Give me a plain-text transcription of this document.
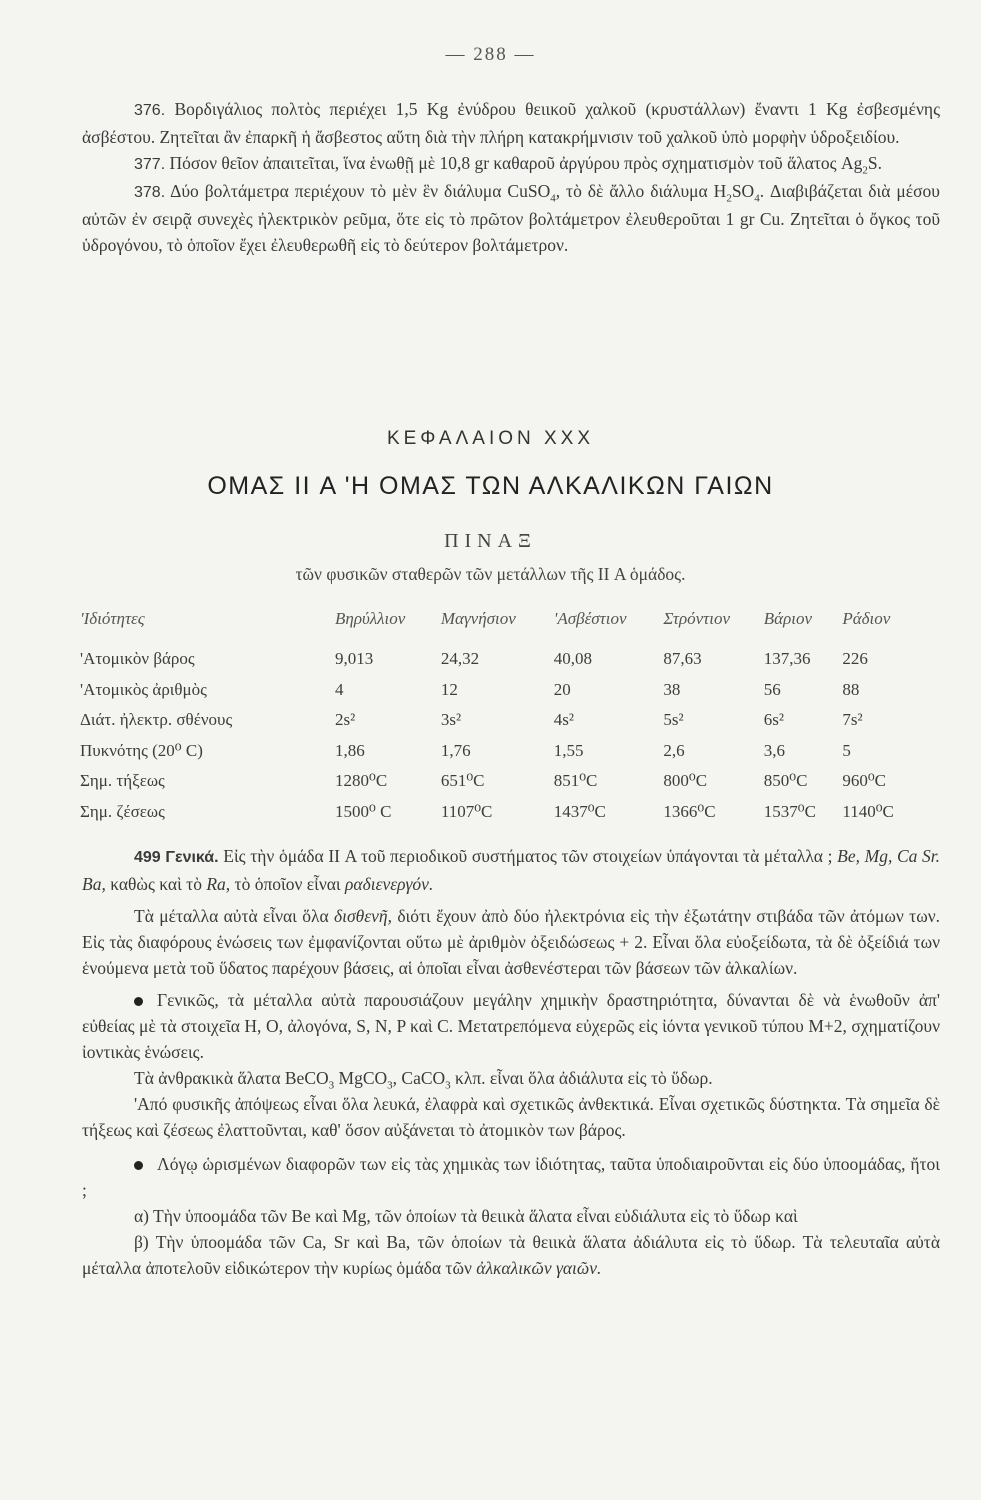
— 288 —

376. Βορδιγάλιος πολτὸς περιέχει 1,5 Kg ἐνύδρου θειικοῦ χαλκοῦ (κρυστάλλων) ἔναντι 1 Kg ἐσβεσμένης ἀσβέστου. Ζητεῖται ἂν ἐπαρκῆ ἡ ἄσβεστος αὕτη διὰ τὴν πλήρη κατακρήμνισιν τοῦ χαλκοῦ ὑπὸ μορφὴν ὑδροξειδίου.

377. Πόσον θεῖον ἀπαιτεῖται, ἵνα ἑνωθῇ μὲ 10,8 gr καθαροῦ ἀργύρου πρὸς σχηματισμὸν τοῦ ἅλατος $Ag_2S$.

378. Δύο βολτάμετρα περιέχουν τὸ μὲν ἓν διάλυμα CuSO$_4$, τὸ δὲ ἄλλο διάλυμα $H_2SO_4$. Διαβιβάζεται διὰ μέσου αὐτῶν ἐν σειρᾷ συνεχὲς ἠλεκτρικὸν ρεῦμα, ὅτε εἰς τὸ πρῶτον βολτάμετρον ἐλευθεροῦται 1 gr Cu. Ζητεῖται ὁ ὄγκος τοῦ ὑδρογόνου, τὸ ὁποῖον ἔχει ἐλευθερωθῆ εἰς τὸ δεύτερον βολτάμετρον.

ΚΕΦΑΛΑΙΟΝ XXX
ΟΜΑΣ II Α 'Η ΟΜΑΣ ΤΩΝ ΑΛΚΑΛΙΚΩΝ ΓΑΙΩΝ
ΠΙΝΑΞ
τῶν φυσικῶν σταθερῶν τῶν μετάλλων τῆς II Α ὁμάδος.
'Ιδιότητες	Βηρύλλιον	Μαγνήσιον	'Ασβέστιον	Στρόντιον	Βάριον	Ράδιον
'Ατομικὸν βάρος	9,013	24,32	40,08	87,63	137,36	226
'Ατομικὸς ἀριθμὸς	4	12	20	38	56	88
Διάτ. ἠλεκτρ. σθένους	2s²	3s²	4s²	5s²	6s²	7s²
Πυκνότης (20⁰ C)	1,86	1,76	1,55	2,6	3,6	5
Σημ. τήξεως	1280⁰C	651⁰C	851⁰C	800⁰C	850⁰C	960⁰C
Σημ. ζέσεως	1500⁰ C	1107⁰C	1437⁰C	1366⁰C	1537⁰C	1140⁰C

499 Γενικά. Εἰς τὴν ὁμάδα II Α τοῦ περιοδικοῦ συστήματος τῶν στοιχείων ὑπάγονται τὰ μέταλλα ; Be, Mg, Ca Sr. Ba, καθὼς καὶ τὸ Ra, τὸ ὁποῖον εἶναι ραδιενεργόν.

Τὰ μέταλλα αὐτὰ εἶναι ὅλα δισθενῆ, διότι ἔχουν ἀπὸ δύο ἠλεκτρόνια εἰς τὴν ἐξωτάτην στιβάδα τῶν ἀτόμων των. Εἰς τὰς διαφόρους ἑνώσεις των ἐμφανίζονται οὕτω μὲ ἀριθμὸν ὀξειδώσεως + 2. Εἶναι ὅλα εὐοξείδωτα, τὰ δὲ ὀξείδιά των ἑνούμενα μετὰ τοῦ ὕδατος παρέχουν βάσεις, αἱ ὁποῖαι εἶναι ἀσθενέστεραι τῶν βάσεων τῶν ἀλκαλίων.

Γενικῶς, τὰ μέταλλα αὐτὰ παρουσιάζουν μεγάλην χημικὴν δραστηριότητα, δύνανται δὲ νὰ ἑνωθοῦν ἀπ' εὐθείας μὲ τὰ στοιχεῖα H, O, ἀλογόνα, S, N, P καὶ C. Μετατρεπόμενα εὐχερῶς εἰς ἰόντα γενικοῦ τύπου M+2, σχηματίζουν ἰοντικὰς ἑνώσεις.

Τὰ ἀνθρακικὰ ἅλατα BeCO$_3$ MgCO$_3$, CaCO$_3$ κλπ. εἶναι ὅλα ἀδιάλυτα εἰς τὸ ὕδωρ.

'Από φυσικῆς ἀπόψεως εἶναι ὅλα λευκά, ἐλαφρὰ καὶ σχετικῶς ἀνθεκτικά. Εἶναι σχετικῶς δύστηκτα. Τὰ σημεῖα δὲ τήξεως καὶ ζέσεως ἐλαττοῦνται, καθ' ὅσον αὐξάνεται τὸ ἀτομικὸν των βάρος.

Λόγῳ ὡρισμένων διαφορῶν των εἰς τὰς χημικὰς των ἰδιότητας, ταῦτα ὑποδιαιροῦνται εἰς δύο ὑποομάδας, ἤτοι ;

α) Τὴν ὑποομάδα τῶν Be καὶ Mg, τῶν ὁποίων τὰ θειικὰ ἅλατα εἶναι εὐδιάλυτα εἰς τὸ ὕδωρ καὶ

β) Τὴν ὑποομάδα τῶν Ca, Sr καὶ Ba, τῶν ὁποίων τὰ θειικὰ ἅλατα ἀδιάλυτα εἰς τὸ ὕδωρ. Τὰ τελευταῖα αὐτὰ μέταλλα ἀποτελοῦν εἰδικώτερον τὴν κυρίως ὁμάδα τῶν ἀλκαλικῶν γαιῶν.
